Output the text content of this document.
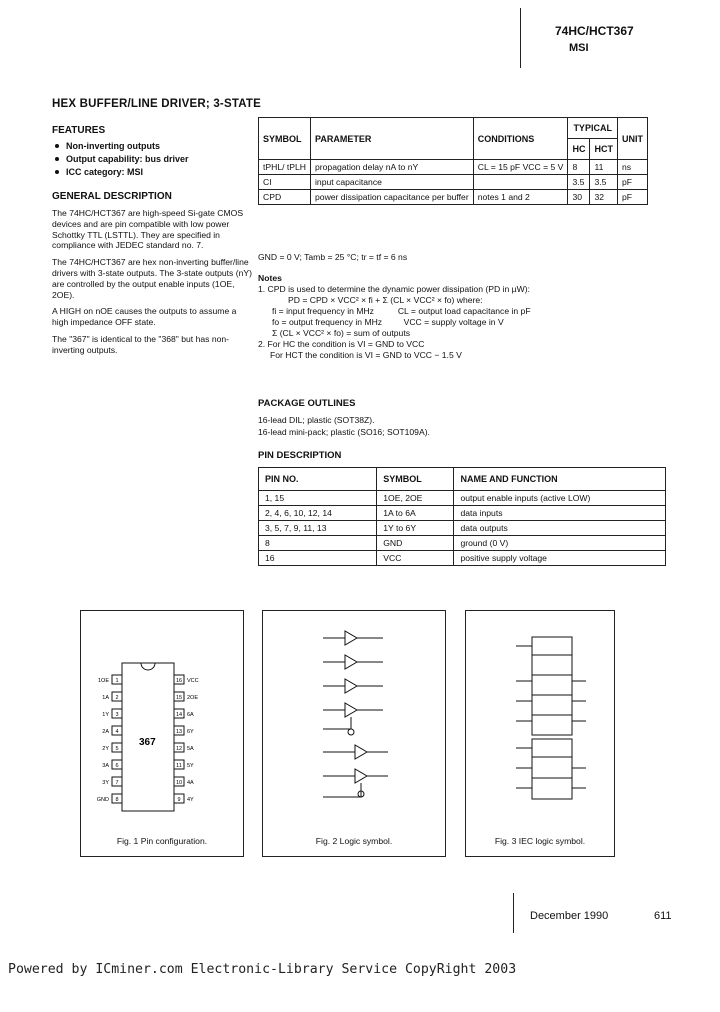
74HC/HCT367
MSI
HEX BUFFER/LINE DRIVER; 3-STATE
FEATURES
Non-inverting outputs
Output capability: bus driver
ICC category: MSI
GENERAL DESCRIPTION

The 74HC/HCT367 are high-speed Si-gate CMOS devices and are pin compatible with low power Schottky TTL (LSTTL). They are specified in compliance with JEDEC standard no. 7.

The 74HC/HCT367 are hex non-inverting buffer/line drivers with 3-state outputs. The 3-state outputs (nY) are controlled by the output enable inputs (1OE, 2OE).

A HIGH on nOE causes the outputs to assume a high impedance OFF state.

The "367" is identical to the "368" but has non-inverting outputs.

SYMBOL	PARAMETER	CONDITIONS	TYPICAL		UNIT
			HC	HCT	
tPHL/ tPLH	propagation delay nA to nY	CL = 15 pF VCC = 5 V	8	11	ns
CI	input capacitance		3.5	3.5	pF
CPD	power dissipation capacitance per buffer	notes 1 and 2	30	32	pF

GND = 0 V; Tamb = 25 °C; tr = tf = 6 ns

Notes

1. CPD is used to determine the dynamic power dissipation (PD in µW):

PD = CPD × VCC² × fi + Σ (CL × VCC² × fo) where:

fi = input frequency in MHz          CL = output load capacitance in pF

fo = output frequency in MHz         VCC = supply voltage in V

Σ (CL × VCC² × fo) = sum of outputs

2. For HC the condition is VI = GND to VCC

For HCT the condition is VI = GND to VCC − 1.5 V

PACKAGE OUTLINES

16-lead DIL; plastic (SOT38Z).

16-lead mini-pack; plastic (SO16; SOT109A).

PIN DESCRIPTION
PIN NO.	SYMBOL	NAME AND FUNCTION
1, 15	1OE, 2OE	output enable inputs (active LOW)
2, 4, 6, 10, 12, 14	1A to 6A	data inputs
3, 5, 7, 9, 11, 13	1Y to 6Y	data outputs
8	GND	ground (0 V)
16	VCC	positive supply voltage
367
1OE 1	16 VCC
1A 2	15 2OE
1Y 3	14 6A
2A 4	13 6Y
2Y 5	12 5A
3A 6	11 5Y
3Y 7	10 4A
GND 8	9 4Y
Fig. 1 Pin configuration.	Fig. 2 Logic symbol.	Fig. 3 IEC logic symbol.
December 1990	611
Powered by ICminer.com Electronic-Library Service CopyRight 2003
